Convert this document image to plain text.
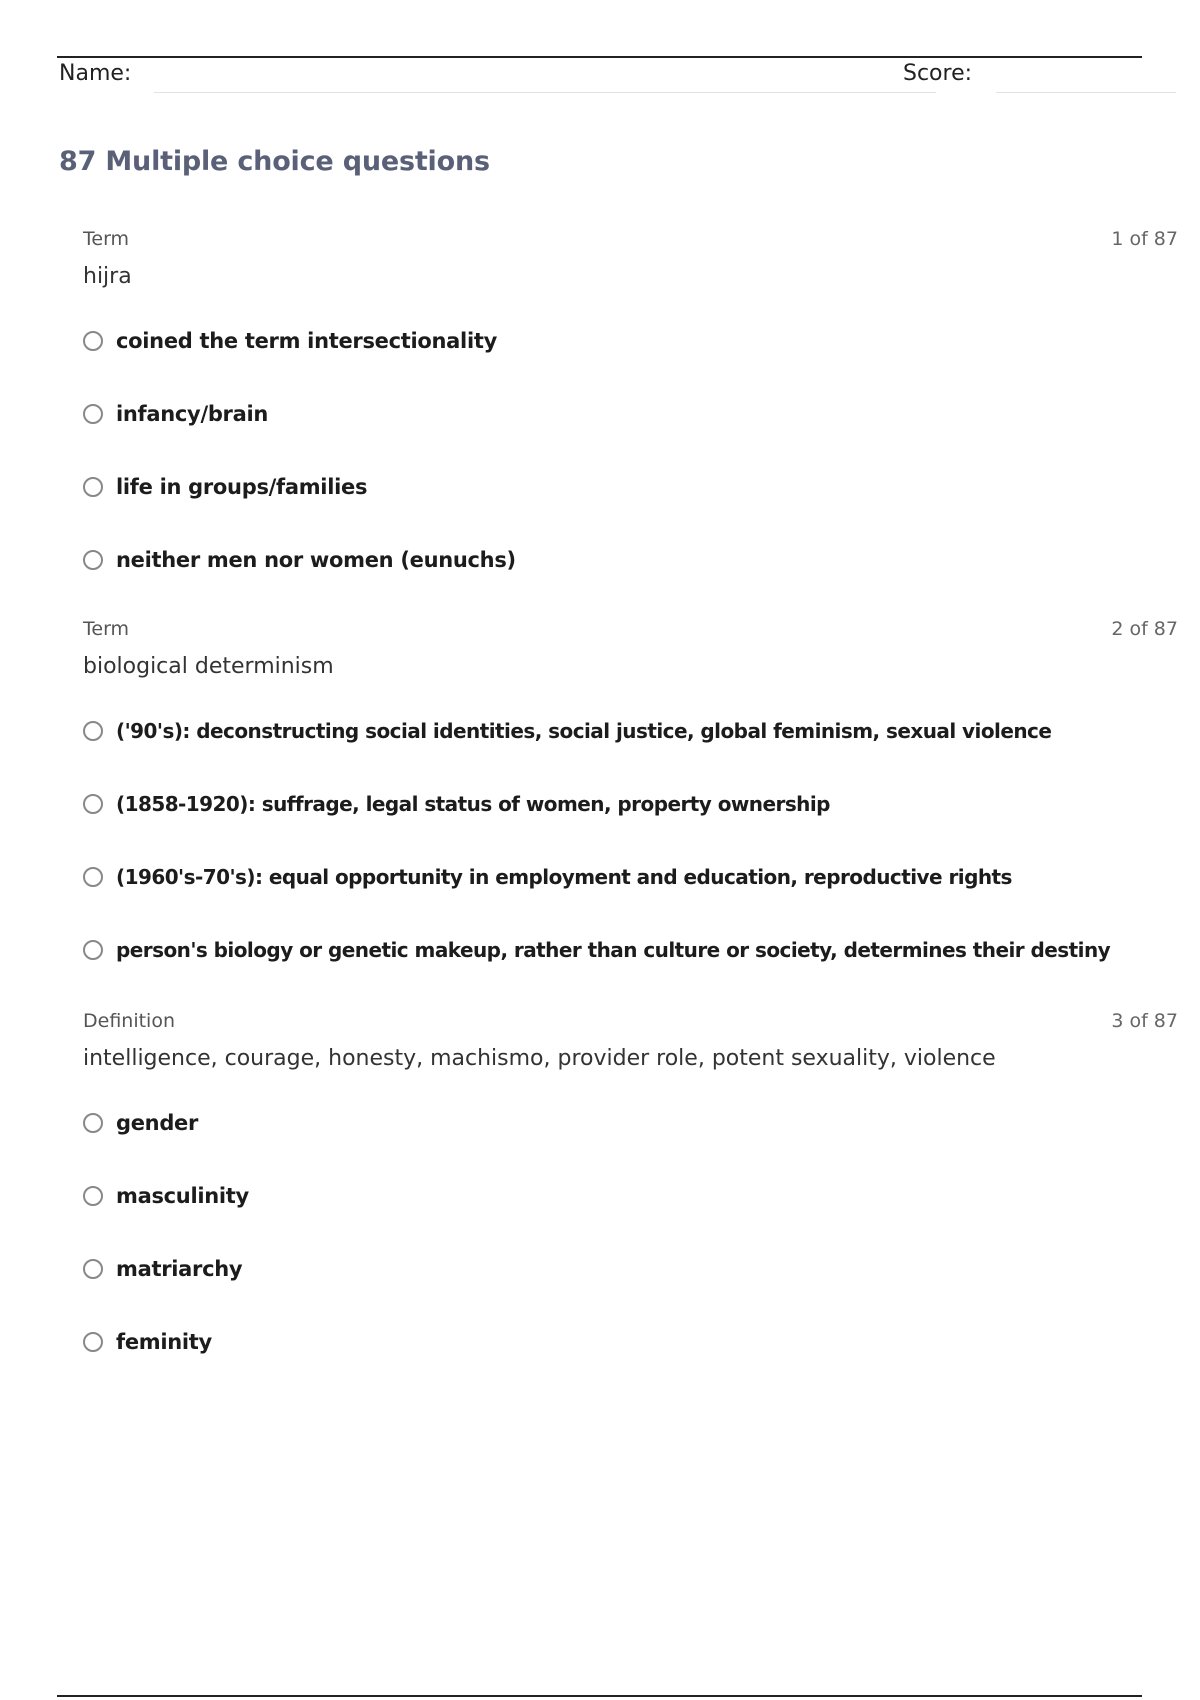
Name:	Score:
87 Multiple choice questions
Term	1 of 87
hijra
coined the term intersectionality
infancy/brain
life in groups/families
neither men nor women (eunuchs)
Term	2 of 87
biological determinism
('90's): deconstructing social identities, social justice, global feminism, sexual violence
(1858-1920): suffrage, legal status of women, property ownership
(1960's-70's): equal opportunity in employment and education, reproductive rights
person's biology or genetic makeup, rather than culture or society, determines their destiny
Definition	3 of 87
intelligence, courage, honesty, machismo, provider role, potent sexuality, violence
gender
masculinity
matriarchy
feminity
